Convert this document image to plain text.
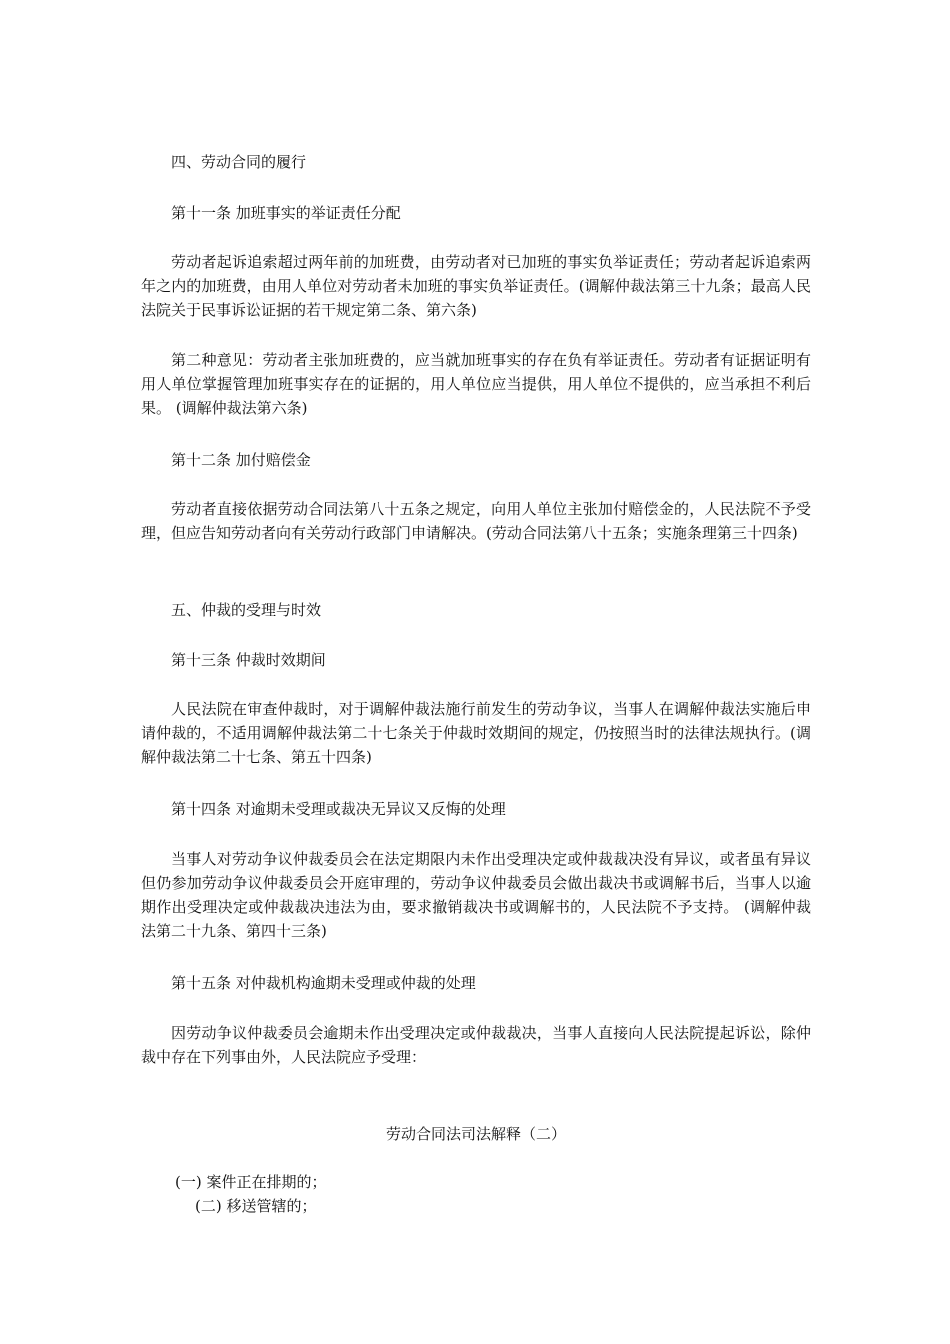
四、劳动合同的履行

第十一条 加班事实的举证责任分配

劳动者起诉追索超过两年前的加班费，由劳动者对已加班的事实负举证责任；劳动者起诉追索两年之内的加班费，由用人单位对劳动者未加班的事实负举证责任。(调解仲裁法第三十九条；最高人民法院关于民事诉讼证据的若干规定第二条、第六条)

第二种意见：劳动者主张加班费的，应当就加班事实的存在负有举证责任。劳动者有证据证明有用人单位掌握管理加班事实存在的证据的，用人单位应当提供，用人单位不提供的，应当承担不利后果。 (调解仲裁法第六条)

第十二条 加付赔偿金

劳动者直接依据劳动合同法第八十五条之规定，向用人单位主张加付赔偿金的，人民法院不予受理，但应告知劳动者向有关劳动行政部门申请解决。(劳动合同法第八十五条；实施条理第三十四条)

五、仲裁的受理与时效

第十三条 仲裁时效期间

人民法院在审查仲裁时，对于调解仲裁法施行前发生的劳动争议，当事人在调解仲裁法实施后申请仲裁的，不适用调解仲裁法第二十七条关于仲裁时效期间的规定，仍按照当时的法律法规执行。(调解仲裁法第二十七条、第五十四条)

第十四条 对逾期未受理或裁决无异议又反悔的处理

当事人对劳动争议仲裁委员会在法定期限内未作出受理决定或仲裁裁决没有异议，或者虽有异议但仍参加劳动争议仲裁委员会开庭审理的，劳动争议仲裁委员会做出裁决书或调解书后，当事人以逾期作出受理决定或仲裁裁决违法为由，要求撤销裁决书或调解书的，人民法院不予支持。 (调解仲裁法第二十九条、第四十三条)

第十五条 对仲裁机构逾期未受理或仲裁的处理

因劳动争议仲裁委员会逾期未作出受理决定或仲裁裁决，当事人直接向人民法院提起诉讼，除仲裁中存在下列事由外，人民法院应予受理：

劳动合同法司法解释（二）

(一) 案件正在排期的；

(二) 移送管辖的；
